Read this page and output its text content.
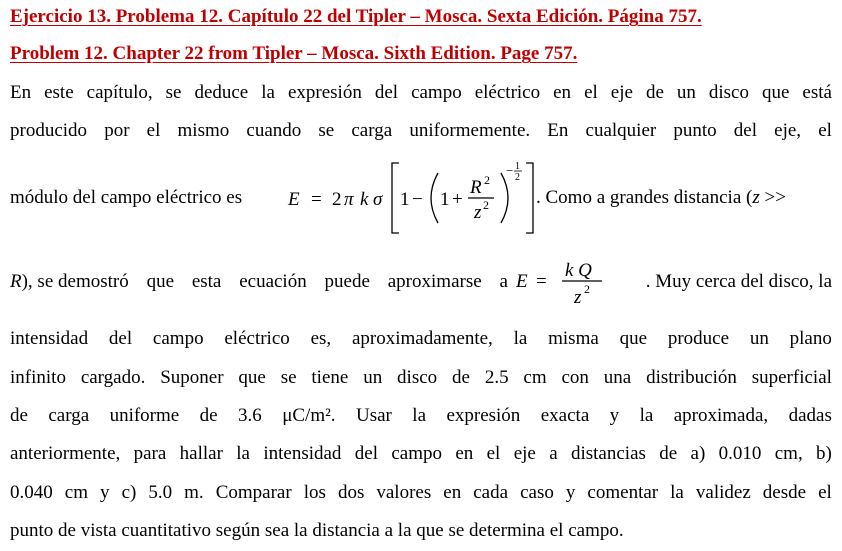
Ejercicio 13. Problema 12. Capítulo 22 del Tipler – Mosca. Sexta Edición. Página 757.
Problem 12. Chapter 22 from Tipler – Mosca. Sixth Edition. Page 757.
En este capítulo, se deduce la expresión del campo eléctrico en el eje de un disco que está
producido por el mismo cuando se carga uniformemente. En cualquier punto del eje, el
módulo del campo eléctrico es E = 2 π k σ 1 − 1 +
R 2
z 2
− 1
2
. Como a grandes distancia (z >>
R), se demostró que esta ecuación puede aproximarse a	. Muy cerca del disco, la
E =
k Q
z 2
intensidad del campo eléctrico es, aproximadamente, la misma que produce un plano
infinito cargado. Suponer que se tiene un disco de 2.5 cm con una distribución superficial
de carga uniforme de 3.6 μC/m². Usar la expresión exacta y la aproximada, dadas
anteriormente, para hallar la intensidad del campo en el eje a distancias de a) 0.010 cm, b)
0.040 cm y c) 5.0 m. Comparar los dos valores en cada caso y comentar la validez desde el
punto de vista cuantitativo según sea la distancia a la que se determina el campo.
